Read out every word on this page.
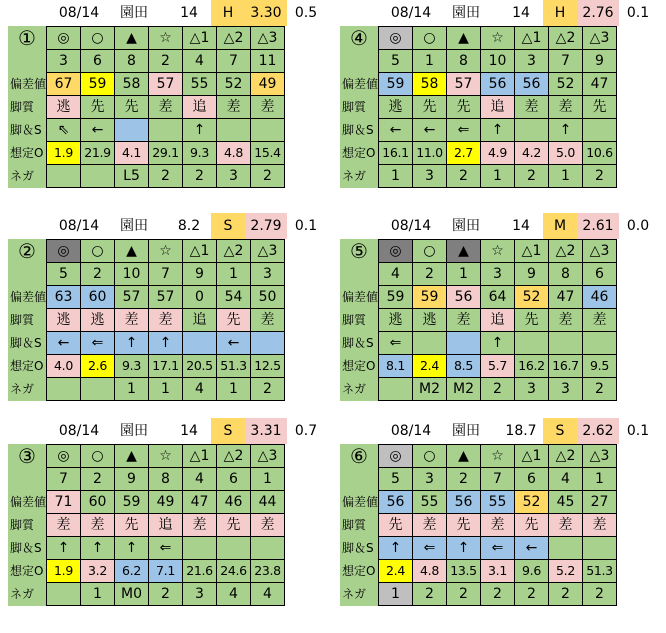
08/14	園田	14	H	3.30 0.5
①	◎	○	▲	☆	△1	△2	△3
	3	6	8	2	4	7	11
偏差値	67	59	58	57	55	52	49
脚質	逃	先	先	差	追	差	差
脚＆S	⇖	←			↑		
想定O	1.9	21.9	4.1	29.1	9.3	4.8	15.4
ネガ			L5	2	2	3	2
08/14	園田	14	H	2.76 0.1
④	◎	○	▲	☆	△1	△2	△3
	5	1	8	10	3	7	9
偏差値	59	58	57	56	56	52	47
脚質	逃	先	先	追	差	差	先
脚＆S	←	←	⇐	↑		↑	
想定O	16.1	11.0	2.7	4.9	4.2	5.0	10.6
ネガ	1	3	2	1	2	1	2
08/14	園田	8.2	S	2.79 0.1
②	◎	○	▲	☆	△1	△2	△3
	5	2	10	7	9	1	3
偏差値	63	60	57	57	0	54	50
脚質	逃	逃	差	差	追	先	差
脚＆S	←	⇐	↑	↑		←	
想定O	4.0	2.6	9.3	17.1	20.5	51.3	12.5
ネガ			1	1	4	1	2
08/14	園田	14	M	2.61 0.0
⑤	◎	○	▲	☆	△1	△2	△3
	4	2	1	3	9	8	6
偏差値	59	59	56	64	52	47	46
脚質	逃	逃	差	追	先	差	差
脚＆S	⇐			↑			
想定O	8.1	2.4	8.5	5.7	16.2	16.7	9.5
ネガ		M2	M2	2	3	3	2
08/14	園田	14	S	3.31 0.7
③	◎	○	▲	☆	△1	△2	△3
	7	2	9	8	4	6	1
偏差値	71	60	59	49	47	46	44
脚質	差	差	先	追	差	先	差
脚＆S	↑	↑	↑	⇐			
想定O	1.9	3.2	6.2	7.1	21.6	24.6	23.8
ネガ		1	M0	2	3	4	4
08/14	園田	18.7	S	2.62 0.1
⑥	◎	○	▲	☆	△1	△2	△3
	5	3	2	7	6	4	1
偏差値	56	55	56	55	52	45	27
脚質	先	差	先	差	先	差	差
脚＆S	↑	⇐	↑	⇐	←		
想定O	2.4	4.8	13.5	3.1	9.6	5.2	51.3
ネガ	1	2	2	2	2	2	2
